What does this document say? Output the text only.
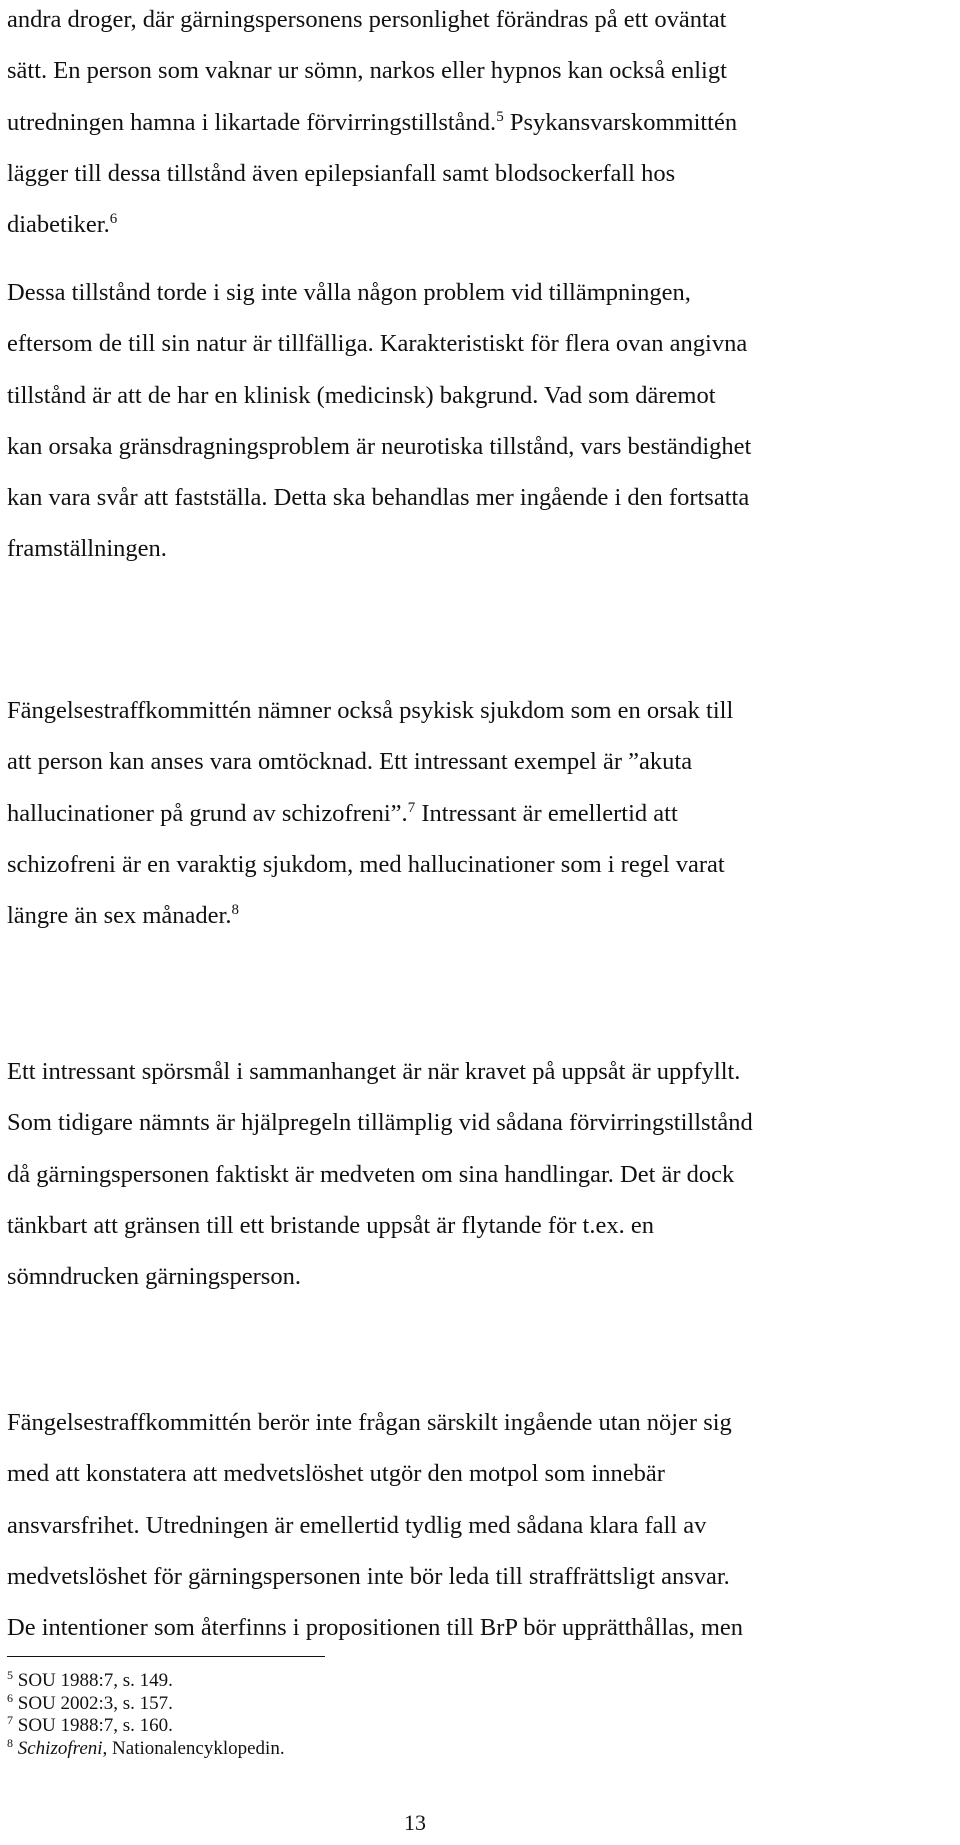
andra droger, där gärningspersonens personlighet förändras på ett oväntat
sätt. En person som vaknar ur sömn, narkos eller hypnos kan också enligt
utredningen hamna i likartade förvirringstillstånd.$^5$ Psykansvarskommittén
lägger till dessa tillstånd även epilepsianfall samt blodsockerfall hos
diabetiker.$^6$

Dessa tillstånd torde i sig inte vålla någon problem vid tillämpningen,
eftersom de till sin natur är tillfälliga. Karakteristiskt för flera ovan angivna
tillstånd är att de har en klinisk (medicinsk) bakgrund. Vad som däremot
kan orsaka gränsdragningsproblem är neurotiska tillstånd, vars beständighet
kan vara svår att fastställa. Detta ska behandlas mer ingående i den fortsatta
framställningen.

Fängelsestraffkommittén nämner också psykisk sjukdom som en orsak till
att person kan anses vara omtöcknad. Ett intressant exempel är ”akuta
hallucinationer på grund av schizofreni”.$^7$ Intressant är emellertid att
schizofreni är en varaktig sjukdom, med hallucinationer som i regel varat
längre än sex månader.$^8$

Ett intressant spörsmål i sammanhanget är när kravet på uppsåt är uppfyllt.
Som tidigare nämnts är hjälpregeln tillämplig vid sådana förvirringstillstånd
då gärningspersonen faktiskt är medveten om sina handlingar. Det är dock
tänkbart att gränsen till ett bristande uppsåt är flytande för t.ex. en
sömndrucken gärningsperson.

Fängelsestraffkommittén berör inte frågan särskilt ingående utan nöjer sig
med att konstatera att medvetslöshet utgör den motpol som innebär
ansvarsfrihet. Utredningen är emellertid tydlig med sådana klara fall av
medvetslöshet för gärningspersonen inte bör leda till straffrättsligt ansvar.
De intentioner som återfinns i propositionen till BrP bör upprätthållas, men

$^5$ SOU 1988:7, s. 149.
$^6$ SOU 2002:3, s. 157.
$^7$ SOU 1988:7, s. 160.
$^8$ Schizofreni, Nationalencyklopedin.
13
